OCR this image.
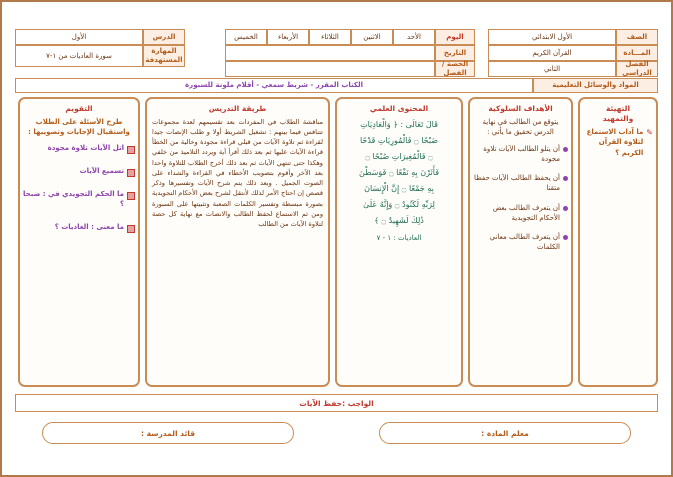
الصف
الأول الابتدائي
المـــادة
القرآن الكريم
الفصل الدراسي
الثاني
اليوم
الأحد
الاثنين
الثلاثاء
الأربعاء
الخميس
التاريخ
الحصة / الفصل
الدرس
الأول
المهارة المستهدفة
سورة العاديات من ١-٧
المواد والوسائل التعليمية
الكتاب المقرر - شريط سمعي - أقلام ملونة للسبورة
التهيئة
والتمهيد
✎
ما آداب الاستماع لتلاوة القرآن الكريم ؟
الأهداف السلوكية
يتوقع من الطالب في نهاية الدرس تحقيق ما يأتي :
أن يتلو الطالب الآيات تلاوة مجودة
أن يحفظ الطالب الآيات حفظا متقنا
أن يتعرف الطالب بعض الأحكام التجويدية
أن يتعرف الطالب معاني الكلمات
المحتوى العلمي
قَالَ تَعَالَى : ﴿ وَالْعَادِيَاتِ
ضَبْحًا ۝ فَالْمُورِيَاتِ قَدْحًا
۝ فَالْمُغِيرَاتِ صُبْحًا ۝
فَأَثَرْنَ بِهِ نَقْعًا ۝ فَوَسَطْنَ
بِهِ جَمْعًا ۝ إِنَّ الْإِنسَانَ
لِرَبِّهِ لَكَنُودٌ ۝ وَإِنَّهُ عَلَىٰ
ذَٰلِكَ لَشَهِيدٌ ۝ ﴾
العاديات : ١ - ٧
طريقة التدريس
مناقشة الطلاب في المفردات بعد تقسيمهم لعدة مجموعات تتنافس فيما بينهم : تشغيل الشريط أولا و طلب الإنصات جيدا لقراءة ثم تلاوة الآيات من قبلي قراءة مجودة وخالية من الخطأ قراءة الآيات عليها ثم بعد ذلك أقرأ آية ويردد التلاميذ من خلفي وهكذا حتى تنتهي الآيات ثم بعد ذلك أخرج الطلاب للتلاوة واحدا بعد الآخر وأقوم بتصويب الأخطاء في القراءة والشداء على الصوت الجميل . وبعد ذلك يتم شرح الآيات وتفسيرها وذكر قصص إن احتاج الأمر لذلك لأنتقل لشرح بعض الأحكام التجويدية بصورة مبسطة وتفسير الكلمات الصعبة وتثبيتها على السبورة ومن ثم الاستماع لحفظ الطالب والانصات مع نهاية كل حصة لتلاوة الآيات من الطالب
التقويم
طرح الأسئلة على الطلاب واستقبال الإجابات وتصويبها :
اتل الآيات تلاوة مجودة
تسميع الآيات
ما الحكم التجويدي في : ضبحا ؟
ما معنى : العاديات ؟
الواجب :
حفظ الآيات
معلم المادة :
قائد المدرسة :
